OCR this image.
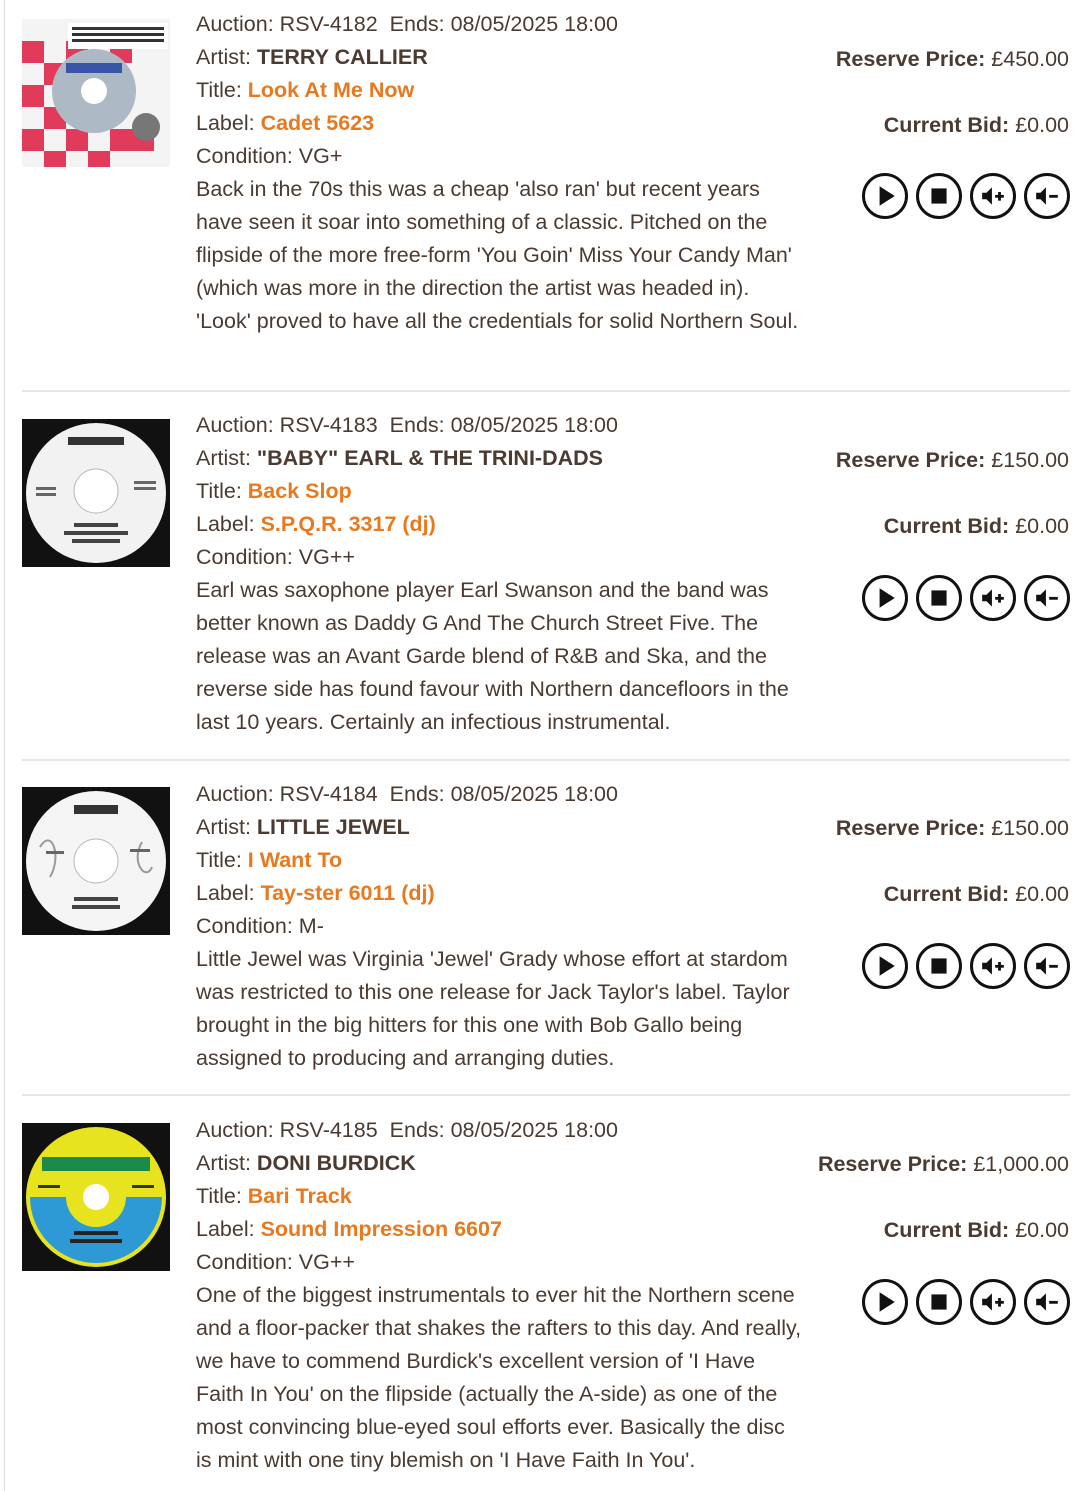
Auction: RSV-4182 Ends: 08/05/2025 18:00
Artist: TERRY CALLIER
Title: Look At Me Now
Label: Cadet 5623
Condition: VG+
Back in the 70s this was a cheap 'also ran' but recent years have seen it soar into something of a classic. Pitched on the flipside of the more free-form 'You Goin' Miss Your Candy Man' (which was more in the direction the artist was headed in). 'Look' proved to have all the credentials for solid Northern Soul.
Reserve Price: £450.00
Current Bid: £0.00
Auction: RSV-4183 Ends: 08/05/2025 18:00
Artist: "BABY" EARL & THE TRINI-DADS
Title: Back Slop
Label: S.P.Q.R. 3317 (dj)
Condition: VG++
Earl was saxophone player Earl Swanson and the band was better known as Daddy G And The Church Street Five. The release was an Avant Garde blend of R&B and Ska, and the reverse side has found favour with Northern dancefloors in the last 10 years. Certainly an infectious instrumental.
Reserve Price: £150.00
Current Bid: £0.00
Auction: RSV-4184 Ends: 08/05/2025 18:00
Artist: LITTLE JEWEL
Title: I Want To
Label: Tay-ster 6011 (dj)
Condition: M-
Little Jewel was Virginia 'Jewel' Grady whose effort at stardom was restricted to this one release for Jack Taylor's label. Taylor brought in the big hitters for this one with Bob Gallo being assigned to producing and arranging duties.
Reserve Price: £150.00
Current Bid: £0.00
Auction: RSV-4185 Ends: 08/05/2025 18:00
Artist: DONI BURDICK
Title: Bari Track
Label: Sound Impression 6607
Condition: VG++
One of the biggest instrumentals to ever hit the Northern scene and a floor-packer that shakes the rafters to this day. And really, we have to commend Burdick's excellent version of 'I Have Faith In You' on the flipside (actually the A-side) as one of the most convincing blue-eyed soul efforts ever. Basically the disc is mint with one tiny blemish on 'I Have Faith In You'.
Reserve Price: £1,000.00
Current Bid: £0.00
